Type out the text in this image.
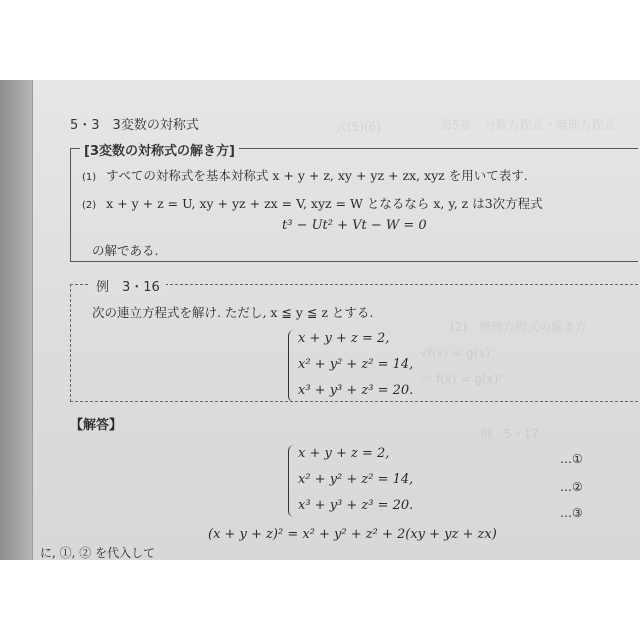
第5章　分数方程式・無理方程式
式(5)(6)
(2)　無理方程式の解き方
√f(x) = g(x)
＝ f(x) = g(x)²
例　5・17
5・3　3変数の対称式
[3変数の対称式の解き方]
(1) すべての対称式を基本対称式 x + y + z, xy + yz + zx, xyz を用いて表す.
(2) x + y + z = U, xy + yz + zx = V, xyz = W となるなら x, y, z は3次方程式
t³ − Ut² + Vt − W = 0
の解である.
例　3・16
次の連立方程式を解け. ただし, x ≦ y ≦ z とする.
x + y + z = 2,
x² + y² + z² = 14,
x³ + y³ + z³ = 20.
【解答】
x + y + z = 2,
x² + y² + z² = 14,
x³ + y³ + z³ = 20.
…①
…②
…③
(x + y + z)² = x² + y² + z² + 2(xy + yz + zx)
に, ①, ② を代入して
